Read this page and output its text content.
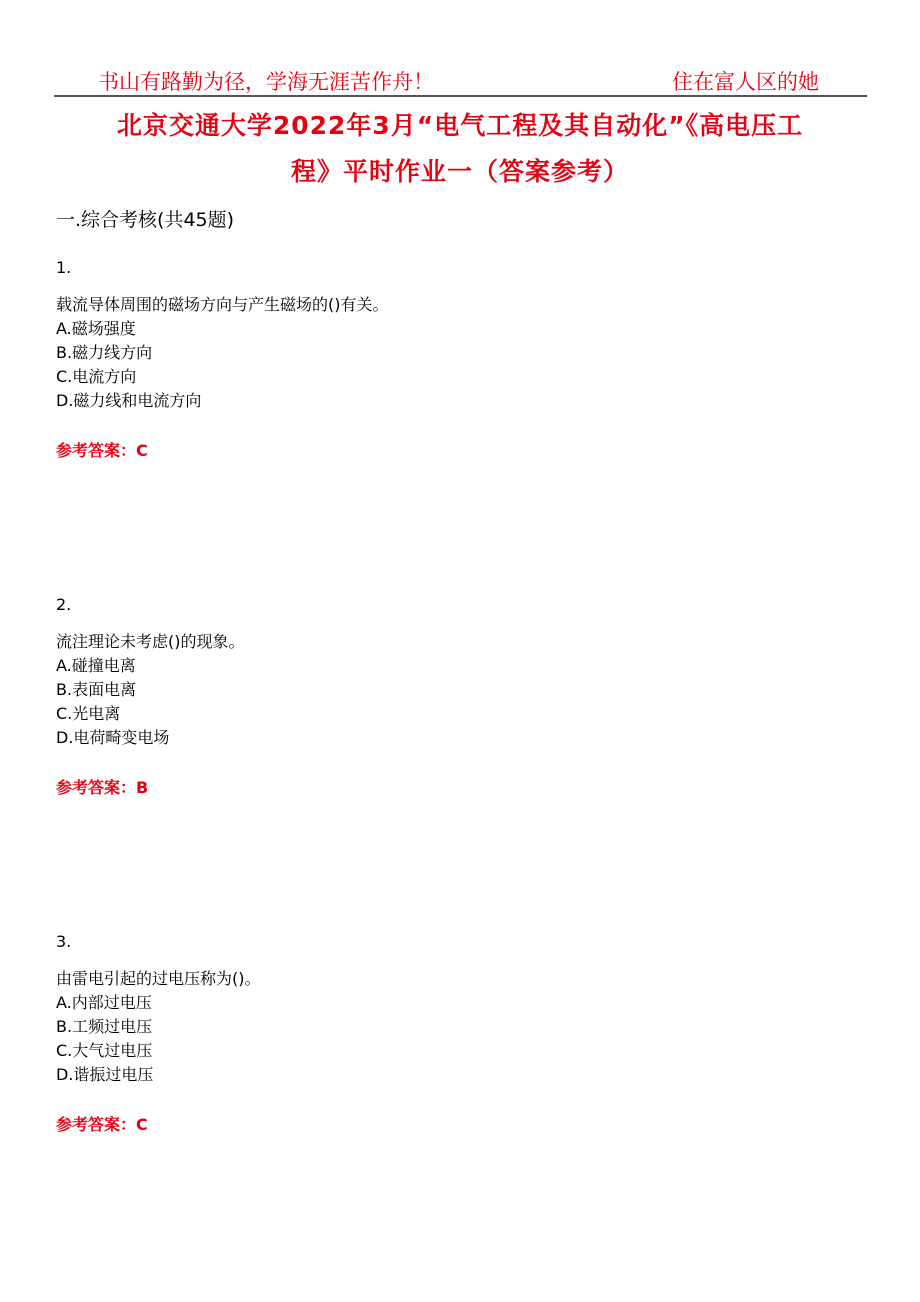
书山有路勤为径，学海无涯苦作舟！	住在富人区的她
北京交通大学2022年3月“电气工程及其自动化”《高电压工
程》平时作业一（答案参考）
一.综合考核(共45题)
1.
载流导体周围的磁场方向与产生磁场的()有关。
A.磁场强度
B.磁力线方向
C.电流方向
D.磁力线和电流方向
参考答案：C
2.
流注理论未考虑()的现象。
A.碰撞电离
B.表面电离
C.光电离
D.电荷畸变电场
参考答案：B
3.
由雷电引起的过电压称为()。
A.内部过电压
B.工频过电压
C.大气过电压
D.谐振过电压
参考答案：C
